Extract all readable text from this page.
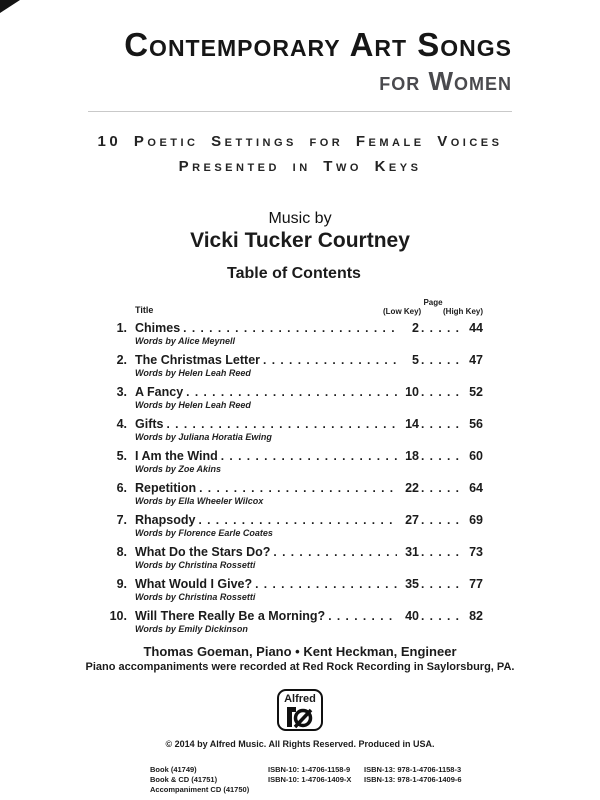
Contemporary Art Songs
for Women
10 Poetic Settings for Female Voices
Presented in Two Keys
Music by
Vicki Tucker Courtney
Table of Contents
Title
Page
(Low Key)	(High Key)
1. Chimes . . .	2 . . .	44
Words by Alice Meynell
2. The Christmas Letter . . .	5 . . .	47
Words by Helen Leah Reed
3. A Fancy . . .	10 . . .	52
Words by Helen Leah Reed
4. Gifts . . .	14 . . .	56
Words by Juliana Horatia Ewing
5. I Am the Wind . . .	18 . . .	60
Words by Zoe Akins
6. Repetition . . .	22 . . .	64
Words by Ella Wheeler Wilcox
7. Rhapsody . . .	27 . . .	69
Words by Florence Earle Coates
8. What Do the Stars Do? . . .	31 . . .	73
Words by Christina Rossetti
9. What Would I Give? . . .	35 . . .	77
Words by Christina Rossetti
10. Will There Really Be a Morning? . . .	40 . . .	82
Words by Emily Dickinson
Thomas Goeman, Piano • Kent Heckman, Engineer
Piano accompaniments were recorded at Red Rock Recording in Saylorsburg, PA.
Alfred
© 2014 by Alfred Music. All Rights Reserved. Produced in USA.
Book (41749)	ISBN-10: 1-4706-1158-9	ISBN-13: 978-1-4706-1158-3
Book & CD (41751)	ISBN-10: 1-4706-1409-X	ISBN-13: 978-1-4706-1409-6
Accompaniment CD (41750)
